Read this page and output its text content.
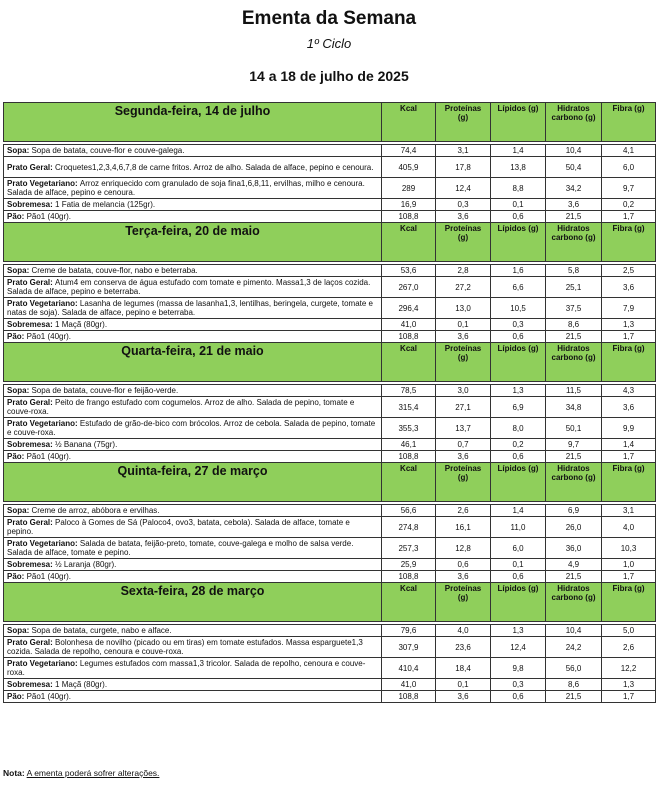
Ementa da Semana
1º Ciclo
14 a 18 de julho de 2025
Segunda-feira, 14 de julho	Kcal	Proteínas (g)	Lípidos (g)	Hidratos carbono (g)	Fibra (g)

Sopa: Sopa de batata, couve-flor e couve-galega.	74,4	3,1	1,4	10,4	4,1
Prato Geral: Croquetes1,2,3,4,6,7,8 de carne fritos. Arroz de alho. Salada de alface, pepino e cenoura.	405,9	17,8	13,8	50,4	6,0
Prato Vegetariano: Arroz enriquecido com granulado de soja fina1,6,8,11, ervilhas, milho e cenoura. Salada de alface, pepino e cenoura.	289	12,4	8,8	34,2	9,7
Sobremesa: 1 Fatia de melancia (125gr).	16,9	0,3	0,1	3,6	0,2
Pão: Pão1 (40gr).	108,8	3,6	0,6	21,5	1,7
Terça-feira, 20 de maio	Kcal	Proteínas (g)	Lípidos (g)	Hidratos carbono (g)	Fibra (g)

Sopa: Creme de batata, couve-flor, nabo e beterraba.	53,6	2,8	1,6	5,8	2,5
Prato Geral: Atum4 em conserva de água estufado com tomate e pimento. Massa1,3 de laços cozida. Salada de alface, pepino e beterraba.	267,0	27,2	6,6	25,1	3,6
Prato Vegetariano: Lasanha de legumes (massa de lasanha1,3, lentilhas, beringela, curgete, tomate e natas de soja). Salada de alface, pepino e beterraba.	296,4	13,0	10,5	37,5	7,9
Sobremesa: 1 Maçã (80gr).	41,0	0,1	0,3	8,6	1,3
Pão: Pão1 (40gr).	108,8	3,6	0,6	21,5	1,7
Quarta-feira, 21 de maio	Kcal	Proteínas (g)	Lípidos (g)	Hidratos carbono (g)	Fibra (g)

Sopa: Sopa de batata, couve-flor e feijão-verde.	78,5	3,0	1,3	11,5	4,3
Prato Geral: Peito de frango estufado com cogumelos. Arroz de alho. Salada de pepino, tomate e couve-roxa.	315,4	27,1	6,9	34,8	3,6
Prato Vegetariano: Estufado de grão-de-bico com brócolos. Arroz de cebola. Salada de pepino, tomate e couve-roxa.	355,3	13,7	8,0	50,1	9,9
Sobremesa: ½ Banana (75gr).	46,1	0,7	0,2	9,7	1,4
Pão: Pão1 (40gr).	108,8	3,6	0,6	21,5	1,7
Quinta-feira, 27 de março	Kcal	Proteínas (g)	Lípidos (g)	Hidratos carbono (g)	Fibra (g)

Sopa: Creme de arroz, abóbora e ervilhas.	56,6	2,6	1,4	6,9	3,1
Prato Geral: Paloco à Gomes de Sá (Paloco4, ovo3, batata, cebola). Salada de alface, tomate e pepino.	274,8	16,1	11,0	26,0	4,0
Prato Vegetariano: Salada de batata, feijão-preto, tomate, couve-galega e molho de salsa verde. Salada de alface, tomate e pepino.	257,3	12,8	6,0	36,0	10,3
Sobremesa: ½ Laranja (80gr).	25,9	0,6	0,1	4,9	1,0
Pão: Pão1 (40gr).	108,8	3,6	0,6	21,5	1,7
Sexta-feira, 28 de março	Kcal	Proteínas (g)	Lípidos (g)	Hidratos carbono (g)	Fibra (g)

Sopa: Sopa de batata, curgete, nabo e alface.	79,6	4,0	1,3	10,4	5,0
Prato Geral: Bolonhesa de novilho (picado ou em tiras) em tomate estufados. Massa esparguete1,3 cozida. Salada de repolho, cenoura e couve-roxa.	307,9	23,6	12,4	24,2	2,6
Prato Vegetariano: Legumes estufados com massa1,3 tricolor. Salada de repolho, cenoura e couve-roxa.	410,4	18,4	9,8	56,0	12,2
Sobremesa: 1 Maçã (80gr).	41,0	0,1	0,3	8,6	1,3
Pão: Pão1 (40gr).	108,8	3,6	0,6	21,5	1,7
Nota: A ementa poderá sofrer alterações.
